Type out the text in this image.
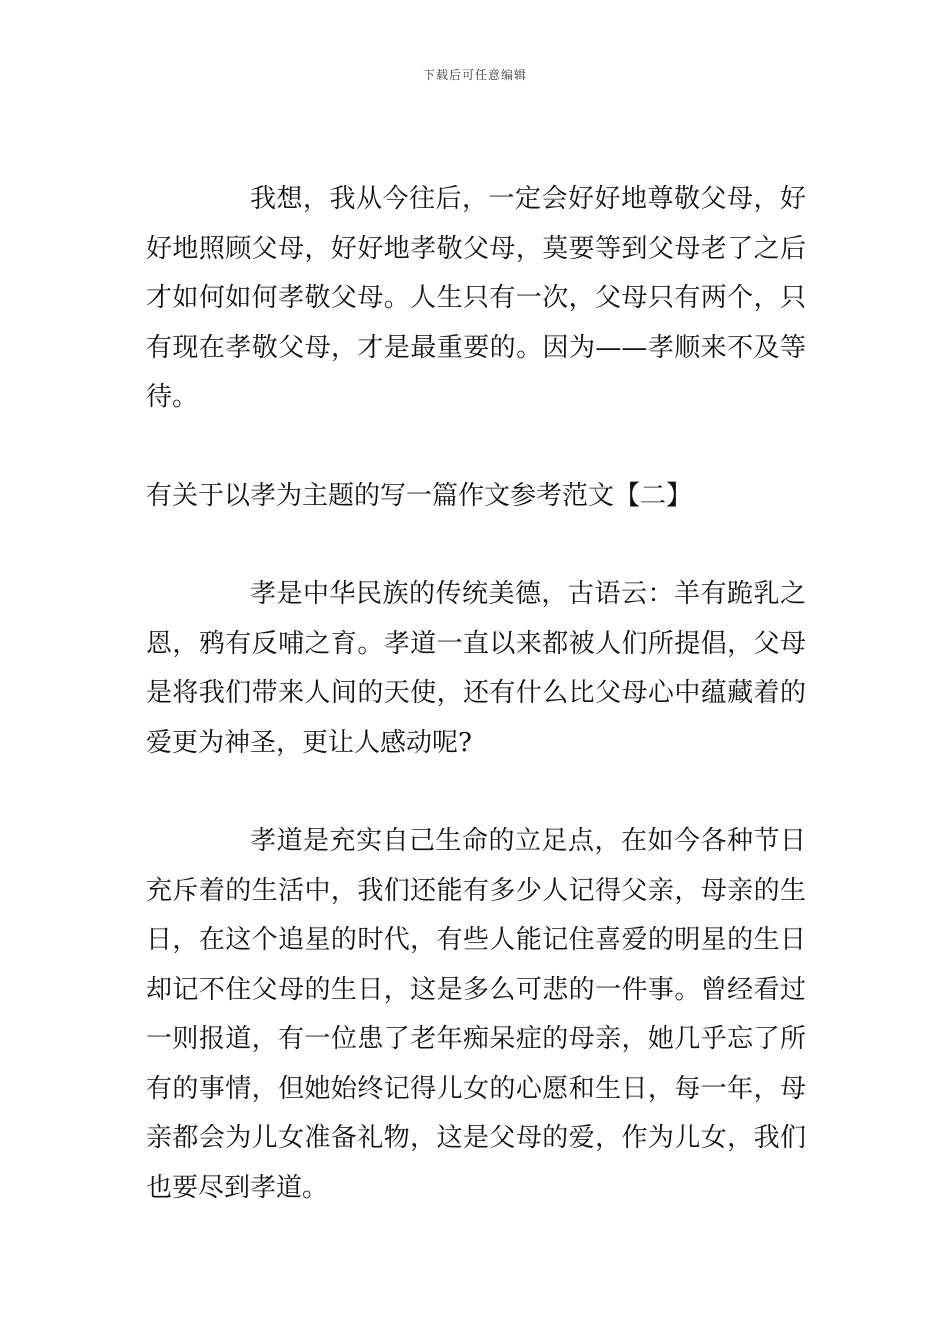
下载后可任意编辑

我想，我从今往后，一定会好好地尊敬父母，好好地照顾父母，好好地孝敬父母，莫要等到父母老了之后才如何如何孝敬父母。人生只有一次，父母只有两个，只有现在孝敬父母，才是最重要的。因为——孝顺来不及等待。

有关于以孝为主题的写一篇作文参考范文【二】

孝是中华民族的传统美德，古语云：羊有跪乳之恩，鸦有反哺之育。孝道一直以来都被人们所提倡，父母是将我们带来人间的天使，还有什么比父母心中蕴藏着的爱更为神圣，更让人感动呢?

孝道是充实自己生命的立足点，在如今各种节日充斥着的生活中，我们还能有多少人记得父亲，母亲的生日，在这个追星的时代，有些人能记住喜爱的明星的生日却记不住父母的生日，这是多么可悲的一件事。曾经看过一则报道，有一位患了老年痴呆症的母亲，她几乎忘了所有的事情，但她始终记得儿女的心愿和生日，每一年，母亲都会为儿女准备礼物，这是父母的爱，作为儿女，我们也要尽到孝道。
